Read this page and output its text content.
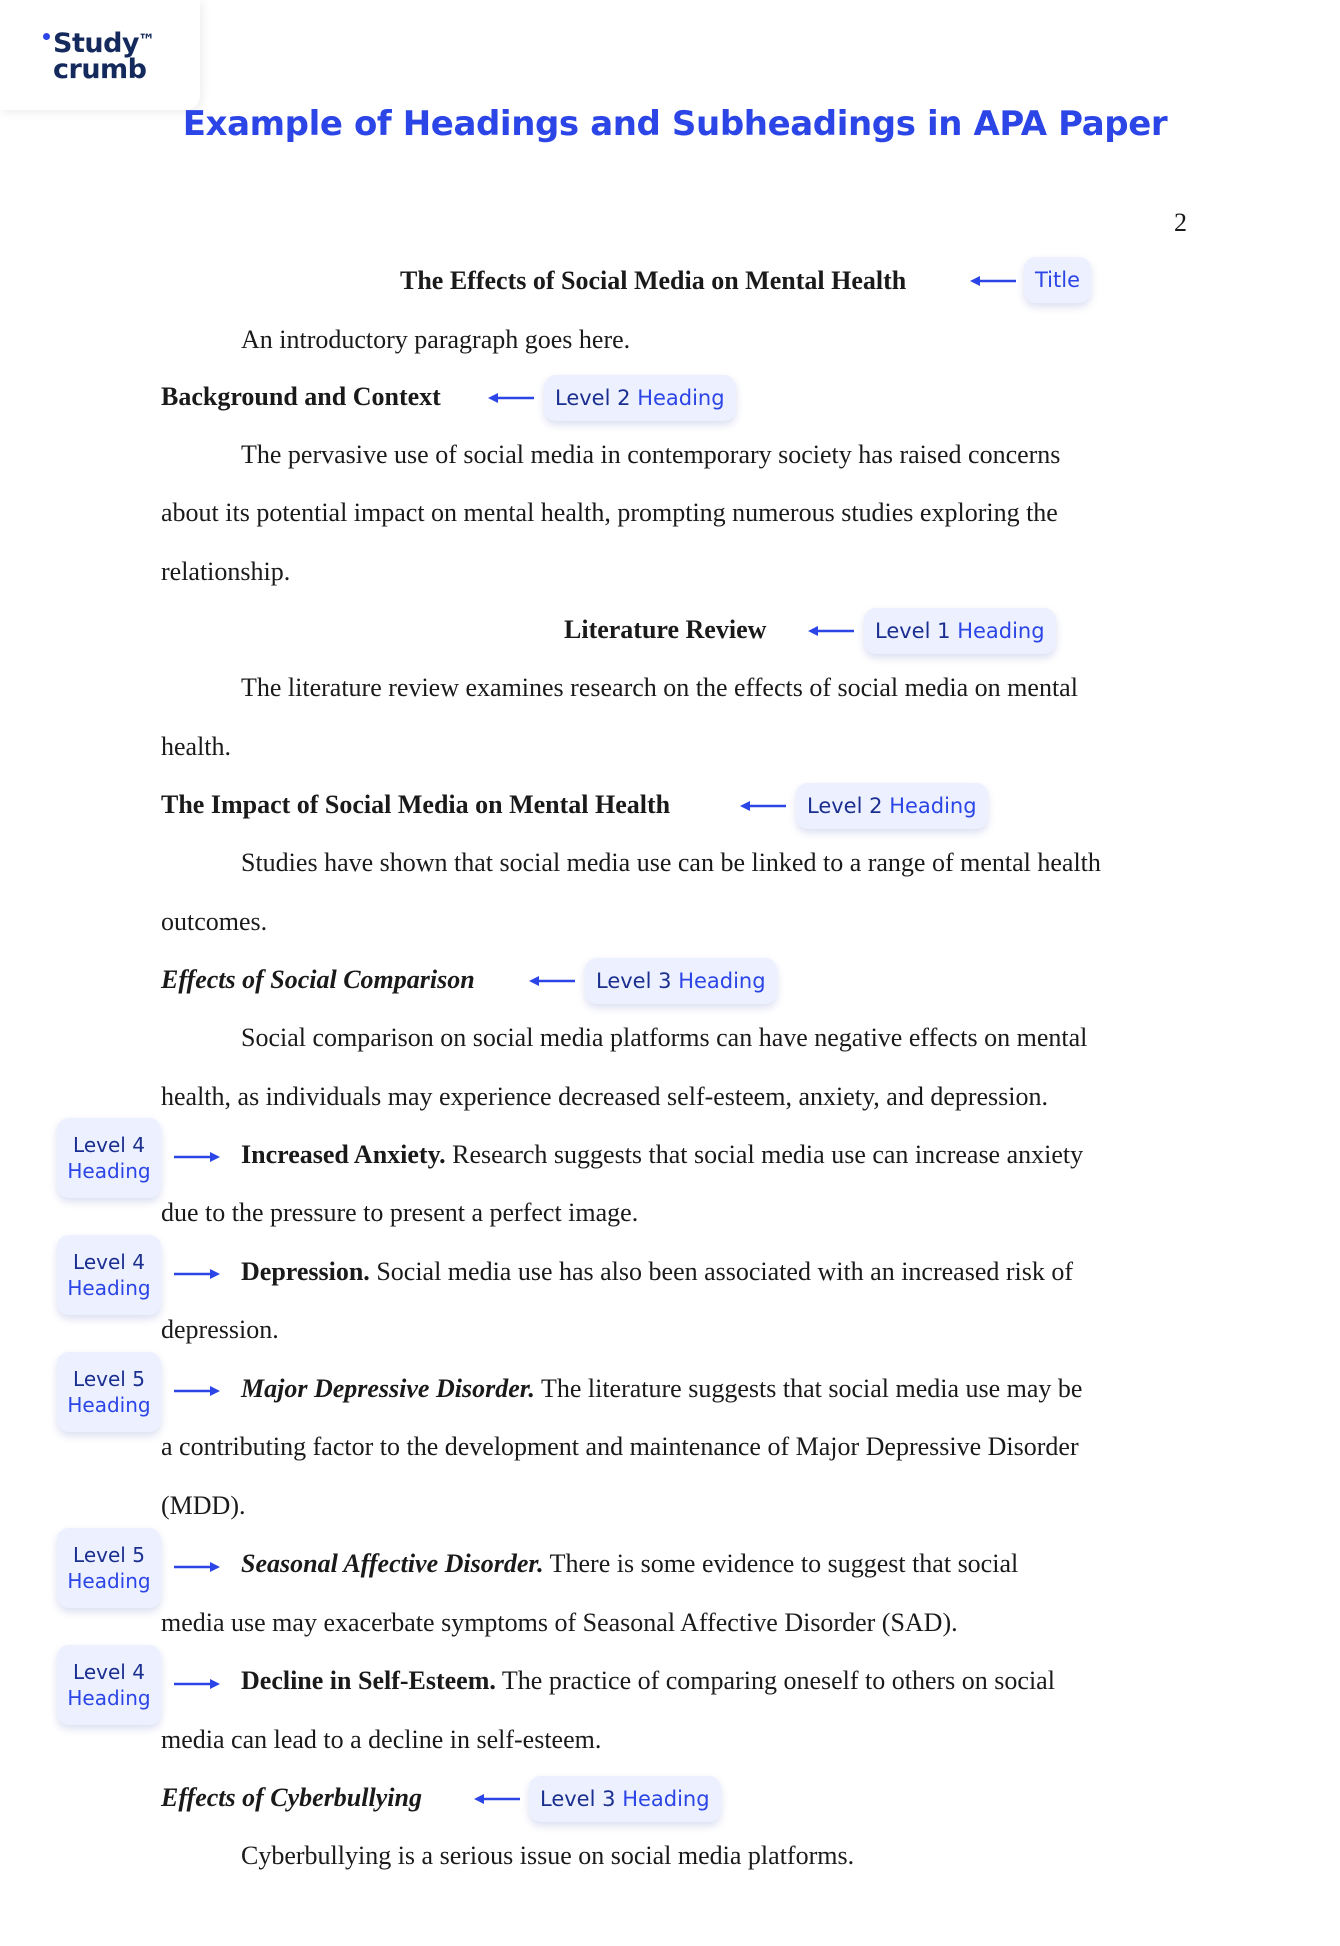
Study
™
crumb
Example of Headings and Subheadings in APA Paper
2
The Effects of Social Media on Mental Health	Title
An introductory paragraph goes here.
Background and Context	Level 2 Heading
The pervasive use of social media in contemporary society has raised concerns
about its potential impact on mental health, prompting numerous studies exploring the
relationship.
Literature Review	Level 1 Heading
The literature review examines research on the effects of social media on mental
health.
The Impact of Social Media on Mental Health	Level 2 Heading
Studies have shown that social media use can be linked to a range of mental health
outcomes.
Effects of Social Comparison	Level 3 Heading
Social comparison on social media platforms can have negative effects on mental
health, as individuals may experience decreased self-esteem, anxiety, and depression.
Level 4
Heading
Increased Anxiety. Research suggests that social media use can increase anxiety
due to the pressure to present a perfect image.
Level 4
Heading
Depression. Social media use has also been associated with an increased risk of
depression.
Level 5
Heading
Major Depressive Disorder. The literature suggests that social media use may be
a contributing factor to the development and maintenance of Major Depressive Disorder
(MDD).
Level 5
Heading
Seasonal Affective Disorder. There is some evidence to suggest that social
media use may exacerbate symptoms of Seasonal Affective Disorder (SAD).
Level 4
Heading
Decline in Self-Esteem. The practice of comparing oneself to others on social
media can lead to a decline in self-esteem.
Effects of Cyberbullying	Level 3 Heading
Cyberbullying is a serious issue on social media platforms.
